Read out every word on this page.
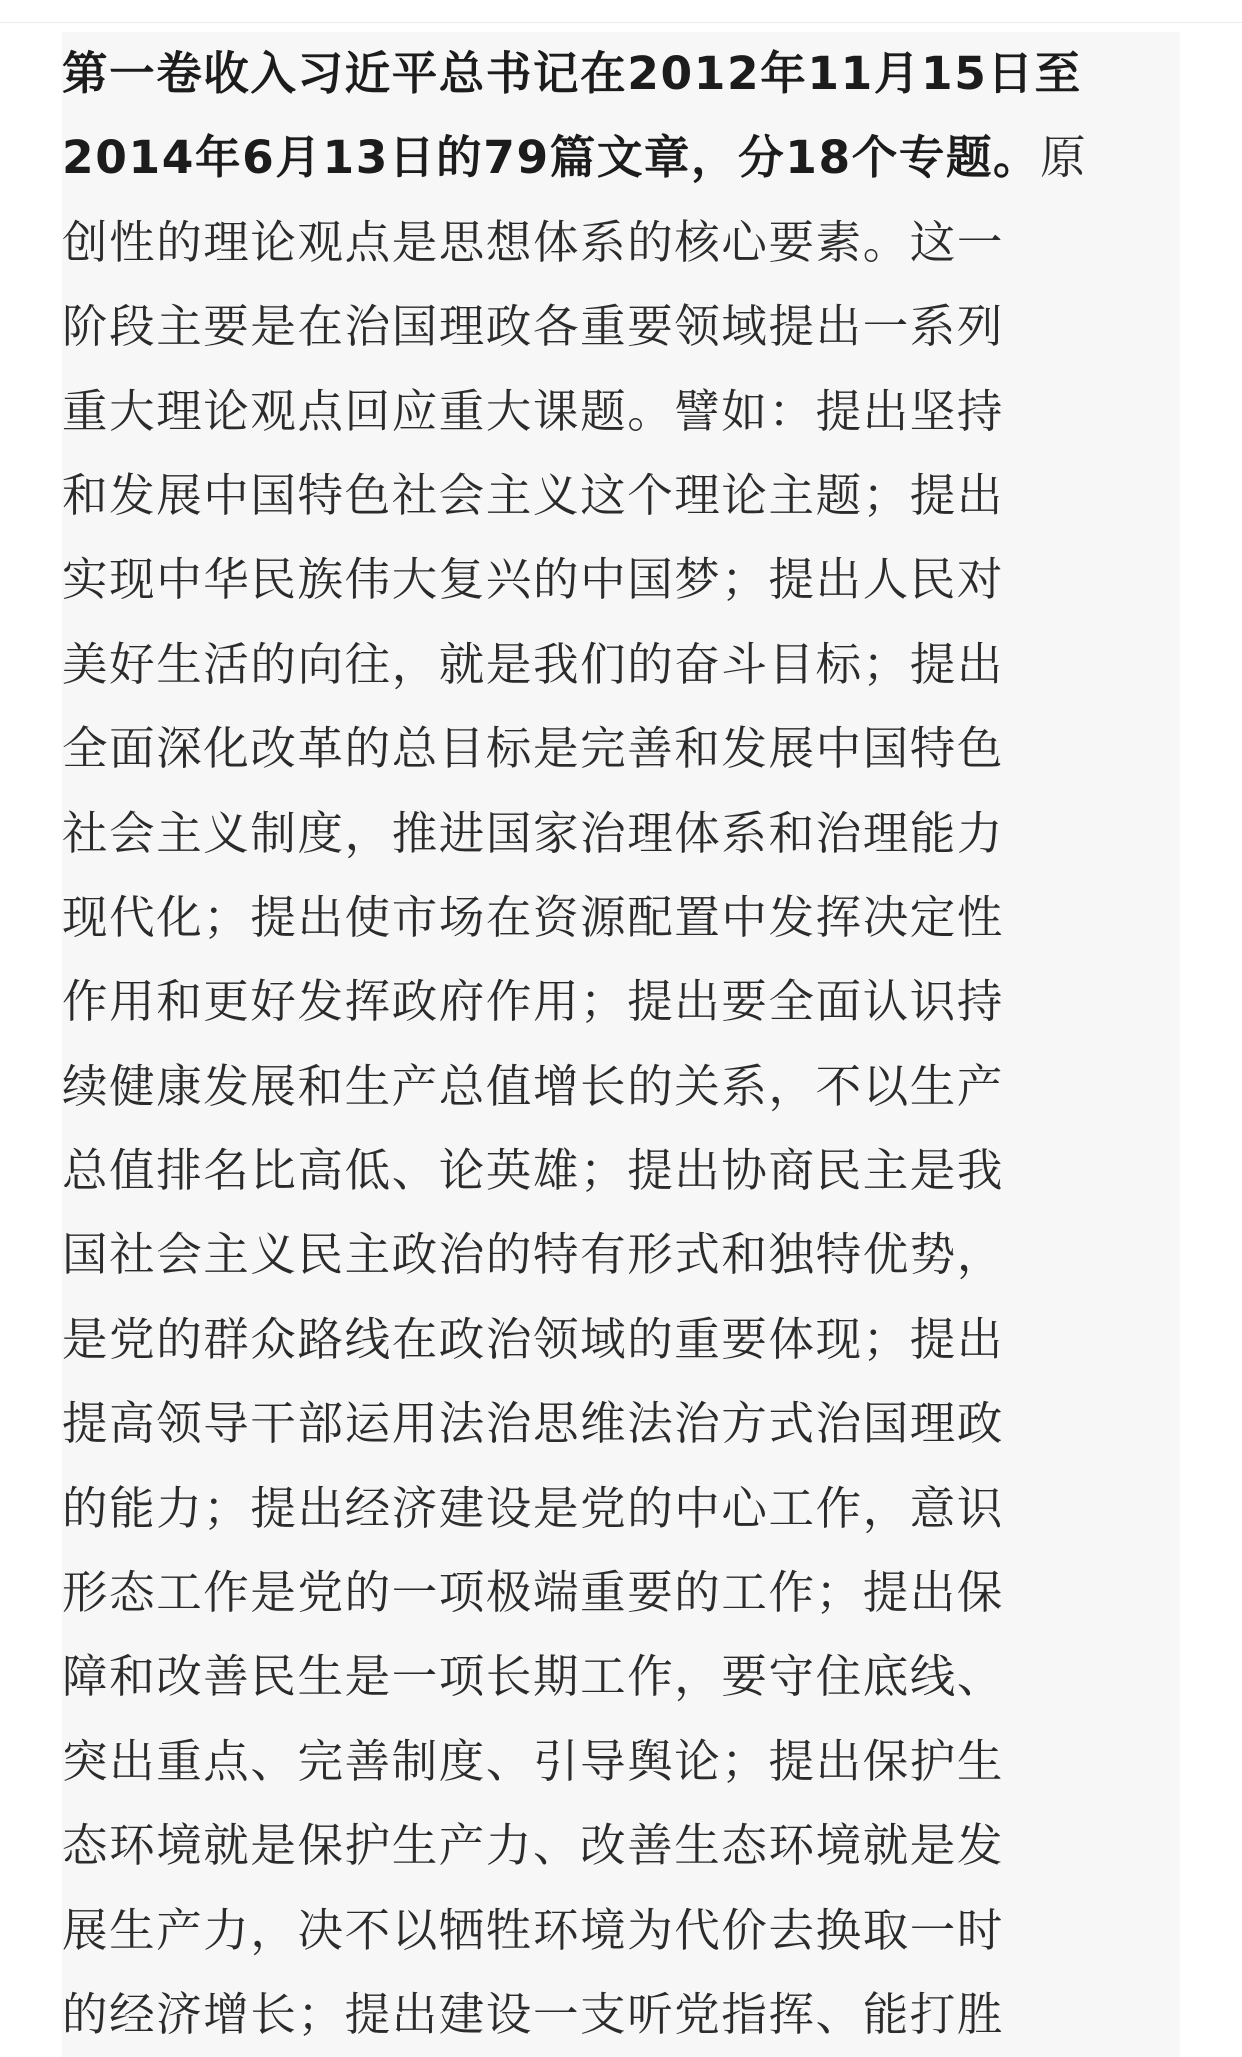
第一卷收入习近平总书记在2012年11月15日至
2014年6月13日的79篇文章，分18个专题。原
创性的理论观点是思想体系的核心要素。这一
阶段主要是在治国理政各重要领域提出一系列
重大理论观点回应重大课题。譬如：提出坚持
和发展中国特色社会主义这个理论主题；提出
实现中华民族伟大复兴的中国梦；提出人民对
美好生活的向往，就是我们的奋斗目标；提出
全面深化改革的总目标是完善和发展中国特色
社会主义制度，推进国家治理体系和治理能力
现代化；提出使市场在资源配置中发挥决定性
作用和更好发挥政府作用；提出要全面认识持
续健康发展和生产总值增长的关系，不以生产
总值排名比高低、论英雄；提出协商民主是我
国社会主义民主政治的特有形式和独特优势，
是党的群众路线在政治领域的重要体现；提出
提高领导干部运用法治思维法治方式治国理政
的能力；提出经济建设是党的中心工作，意识
形态工作是党的一项极端重要的工作；提出保
障和改善民生是一项长期工作，要守住底线、
突出重点、完善制度、引导舆论；提出保护生
态环境就是保护生产力、改善生态环境就是发
展生产力，决不以牺牲环境为代价去换取一时
的经济增长；提出建设一支听党指挥、能打胜
